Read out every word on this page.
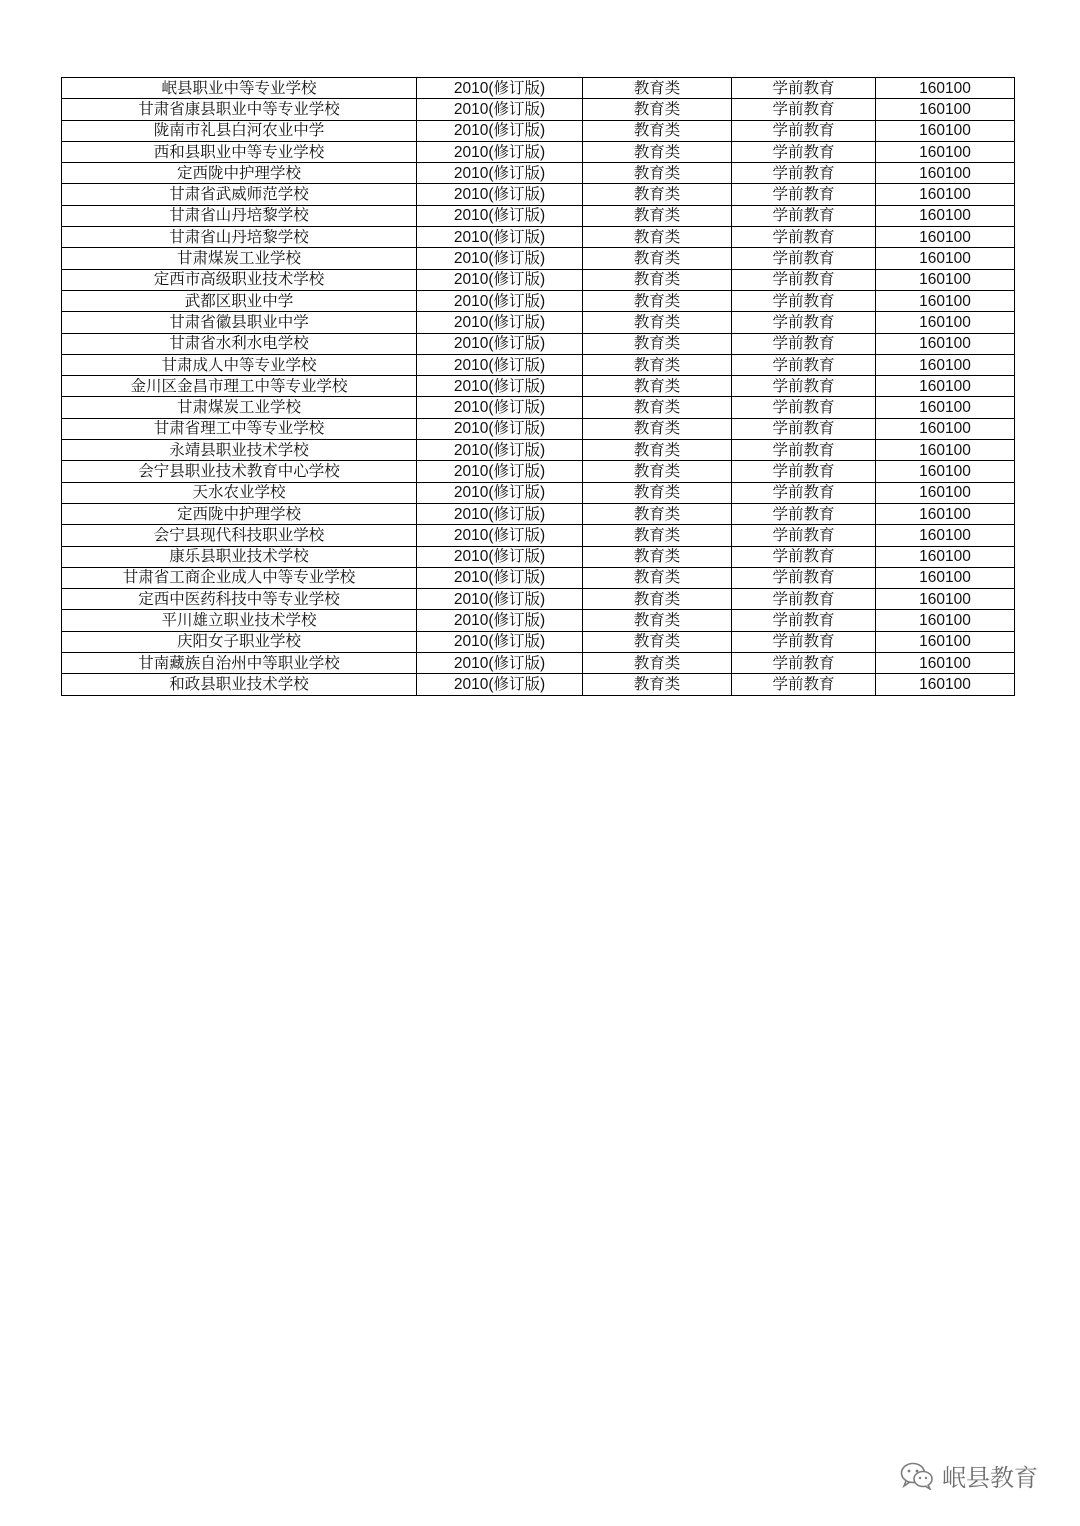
岷县职业中等专业学校	2010(修订版)	教育类	学前教育	160100
甘肃省康县职业中等专业学校	2010(修订版)	教育类	学前教育	160100
陇南市礼县白河农业中学	2010(修订版)	教育类	学前教育	160100
西和县职业中等专业学校	2010(修订版)	教育类	学前教育	160100
定西陇中护理学校	2010(修订版)	教育类	学前教育	160100
甘肃省武威师范学校	2010(修订版)	教育类	学前教育	160100
甘肃省山丹培黎学校	2010(修订版)	教育类	学前教育	160100
甘肃省山丹培黎学校	2010(修订版)	教育类	学前教育	160100
甘肃煤炭工业学校	2010(修订版)	教育类	学前教育	160100
定西市高级职业技术学校	2010(修订版)	教育类	学前教育	160100
武都区职业中学	2010(修订版)	教育类	学前教育	160100
甘肃省徽县职业中学	2010(修订版)	教育类	学前教育	160100
甘肃省水利水电学校	2010(修订版)	教育类	学前教育	160100
甘肃成人中等专业学校	2010(修订版)	教育类	学前教育	160100
金川区金昌市理工中等专业学校	2010(修订版)	教育类	学前教育	160100
甘肃煤炭工业学校	2010(修订版)	教育类	学前教育	160100
甘肃省理工中等专业学校	2010(修订版)	教育类	学前教育	160100
永靖县职业技术学校	2010(修订版)	教育类	学前教育	160100
会宁县职业技术教育中心学校	2010(修订版)	教育类	学前教育	160100
天水农业学校	2010(修订版)	教育类	学前教育	160100
定西陇中护理学校	2010(修订版)	教育类	学前教育	160100
会宁县现代科技职业学校	2010(修订版)	教育类	学前教育	160100
康乐县职业技术学校	2010(修订版)	教育类	学前教育	160100
甘肃省工商企业成人中等专业学校	2010(修订版)	教育类	学前教育	160100
定西中医药科技中等专业学校	2010(修订版)	教育类	学前教育	160100
平川雄立职业技术学校	2010(修订版)	教育类	学前教育	160100
庆阳女子职业学校	2010(修订版)	教育类	学前教育	160100
甘南藏族自治州中等职业学校	2010(修订版)	教育类	学前教育	160100
和政县职业技术学校	2010(修订版)	教育类	学前教育	160100
岷县教育
